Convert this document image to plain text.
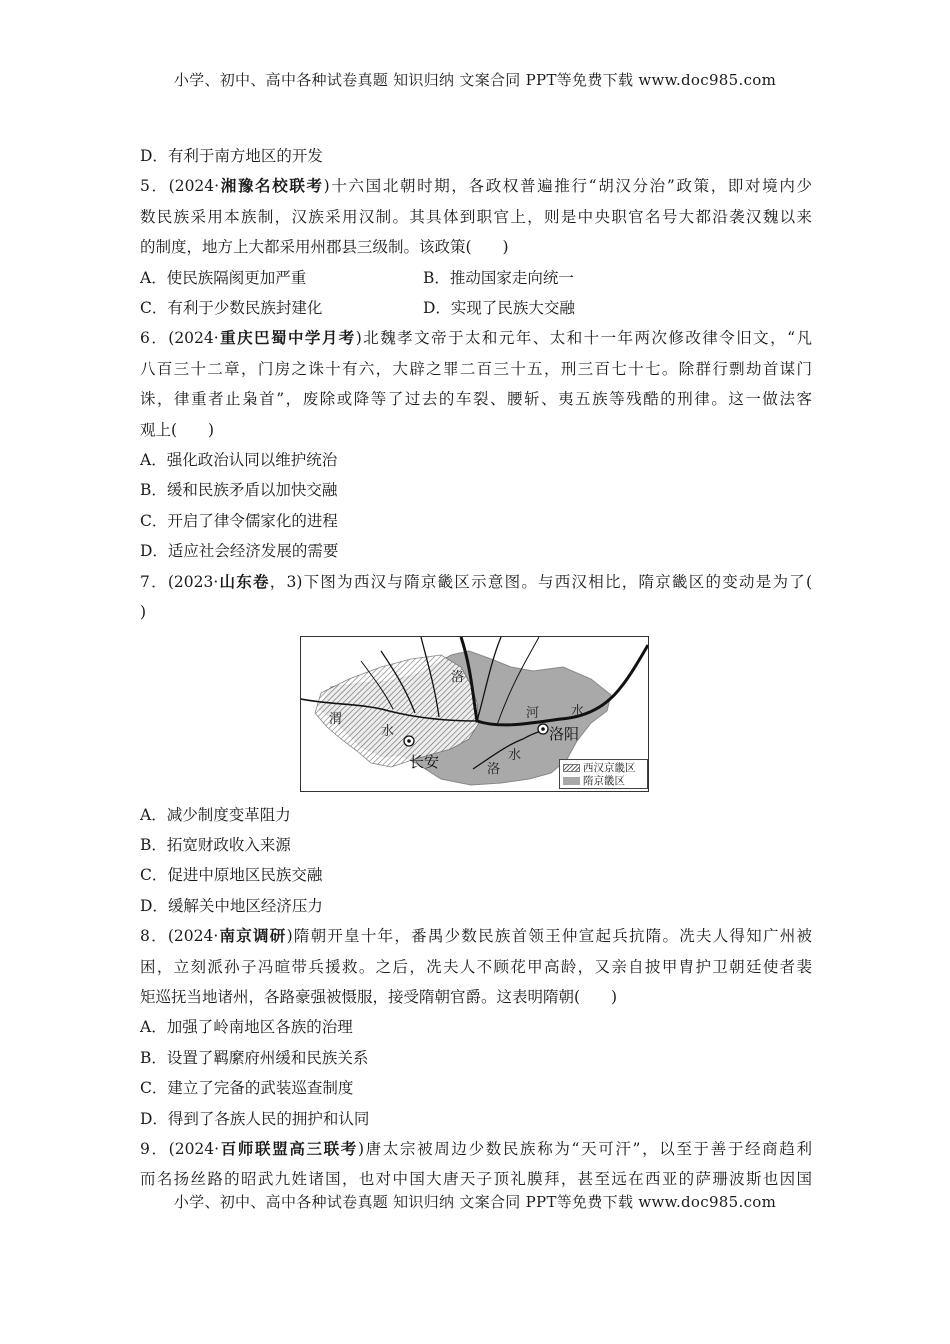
小学、初中、高中各种试卷真题 知识归纳 文案合同 PPT等免费下载 www.doc985.com
D．有利于南方地区的开发
5．(2024·湘豫名校联考)十六国北朝时期，各政权普遍推行“胡汉分治”政策，即对境内少
数民族采用本族制，汉族采用汉制。其具体到职官上，则是中央职官名号大都沿袭汉魏以来
的制度，地方上大都采用州郡县三级制。该政策(　　)
A．使民族隔阂更加严重	B．推动国家走向统一
C．有利于少数民族封建化	D．实现了民族大交融
6．(2024·重庆巴蜀中学月考)北魏孝文帝于太和元年、太和十一年两次修改律令旧文，“凡
八百三十二章，门房之诛十有六，大辟之罪二百三十五，刑三百七十七。除群行剽劫首谋门
诛，律重者止枭首”，废除或降等了过去的车裂、腰斩、夷五族等残酷的刑律。这一做法客
观上(　　)
A．强化政治认同以维护统治
B．缓和民族矛盾以加快交融
C．开启了律令儒家化的进程
D．适应社会经济发展的需要
7．(2023·山东卷，3)下图为西汉与隋京畿区示意图。与西汉相比，隋京畿区的变动是为了(
)
渭
水
洛
河 水
洛
水
长安
洛阳
西汉京畿区
隋京畿区
A．减少制度变革阻力
B．拓宽财政收入来源
C．促进中原地区民族交融
D．缓解关中地区经济压力
8．(2024·南京调研)隋朝开皇十年，番禺少数民族首领王仲宣起兵抗隋。冼夫人得知广州被
困，立刻派孙子冯暄带兵援救。之后，冼夫人不顾花甲高龄，又亲自披甲胄护卫朝廷使者裴
矩巡抚当地诸州，各路豪强被慑服，接受隋朝官爵。这表明隋朝(　　)
A．加强了岭南地区各族的治理
B．设置了羁縻府州缓和民族关系
C．建立了完备的武装巡查制度
D．得到了各族人民的拥护和认同
9．(2024·百师联盟高三联考)唐太宗被周边少数民族称为“天可汗”，以至于善于经商趋利
而名扬丝路的昭武九姓诸国，也对中国大唐天子顶礼膜拜，甚至远在西亚的萨珊波斯也因国
小学、初中、高中各种试卷真题 知识归纳 文案合同 PPT等免费下载 www.doc985.com
